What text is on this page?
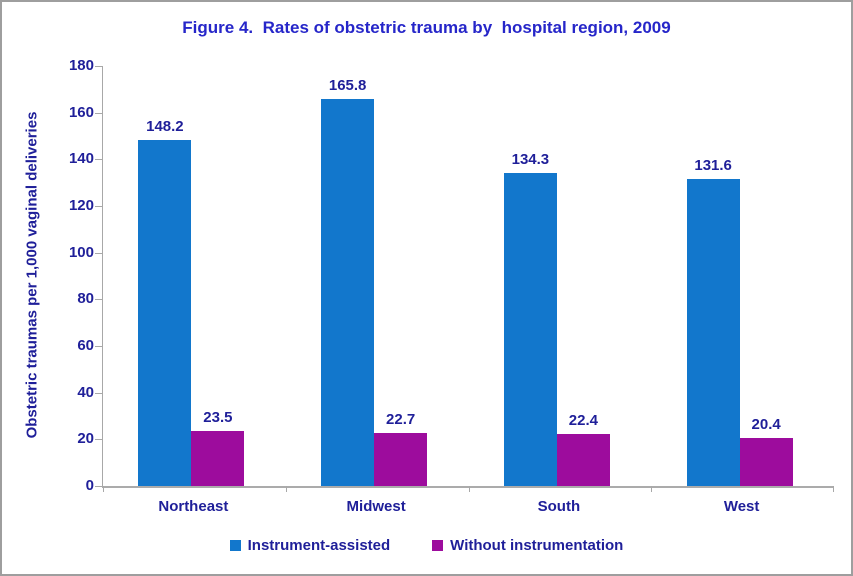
Figure 4.  Rates of obstetric trauma by  hospital region, 2009
Obstetric traumas per 1,000 vaginal deliveries
0
20
40
60
80
100
120
140
160
180
148.2
23.5
165.8
22.7
134.3
22.4
131.6
20.4
Northeast	Midwest	South	West
Instrument-assisted	Without instrumentation
